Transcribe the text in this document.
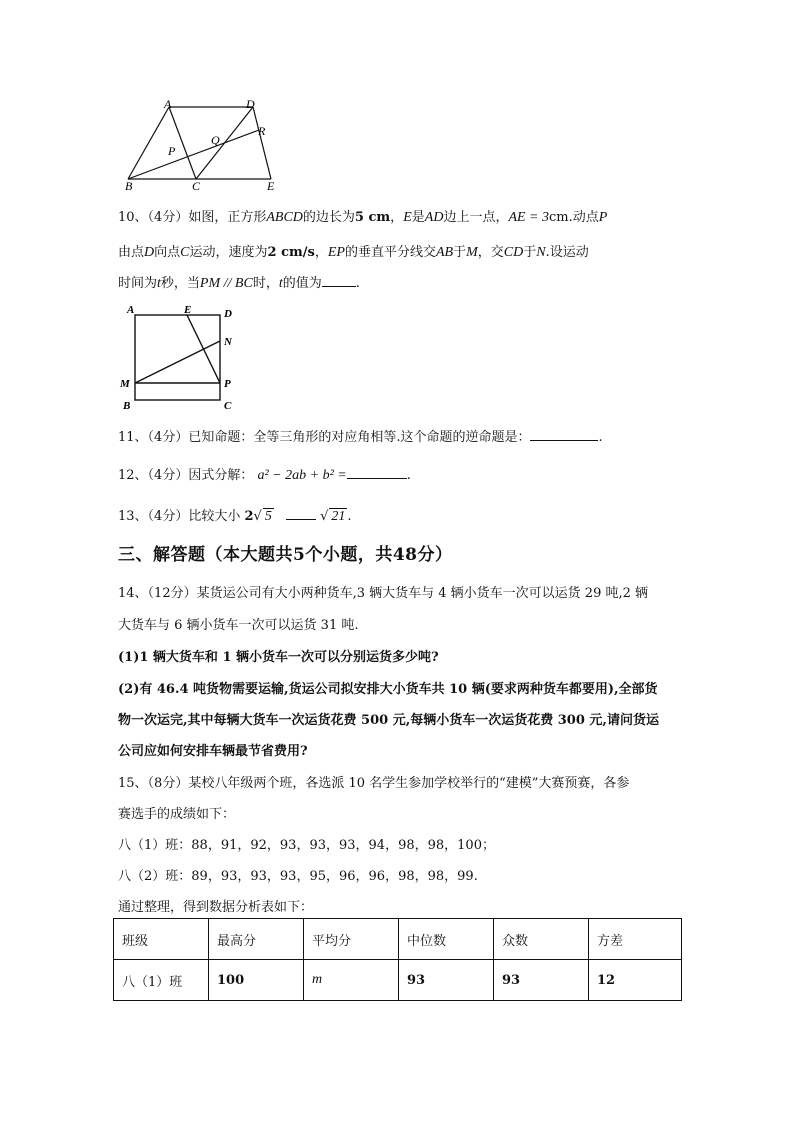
A	D
Q
R
P
B	C	E
10、（4分）如图，正方形ABCD的边长为5 cm，E是AD边上一点，AE = 3cm.动点P
由点D向点C运动，速度为2 cm/s，EP的垂直平分线交AB于M，交CD于N.设运动
时间为t秒，当PM // BC时，t的值为	.
A	E	D
N
M	P
B	C
11、（4分）已知命题：全等三角形的对应角相等.这个命题的逆命题是：	.
12、（4分）因式分解： a² − 2ab + b² =	.
13、（4分）比较大小 2√ 5	√ 21 .
三、解答题（本大题共5个小题，共48分）
14、（12分）某货运公司有大小两种货车,3 辆大货车与 4 辆小货车一次可以运货 29 吨,2 辆
大货车与 6 辆小货车一次可以运货 31 吨.
(1)1 辆大货车和 1 辆小货车一次可以分别运货多少吨?
(2)有 46.4 吨货物需要运输,货运公司拟安排大小货车共 10 辆(要求两种货车都要用),全部货
物一次运完,其中每辆大货车一次运货花费 500 元,每辆小货车一次运货花费 300 元,请问货运
公司应如何安排车辆最节省费用?
15、（8分）某校八年级两个班，各选派 10 名学生参加学校举行的“建模”大赛预赛，各参
赛选手的成绩如下：
八（1）班：88，91，92，93，93，93，94，98，98，100；
八（2）班：89，93，93，93，95，96，96，98，98，99.
通过整理，得到数据分析表如下：
班级	最高分	平均分	中位数	众数	方差
八（1）班	100	m	93	93	12
